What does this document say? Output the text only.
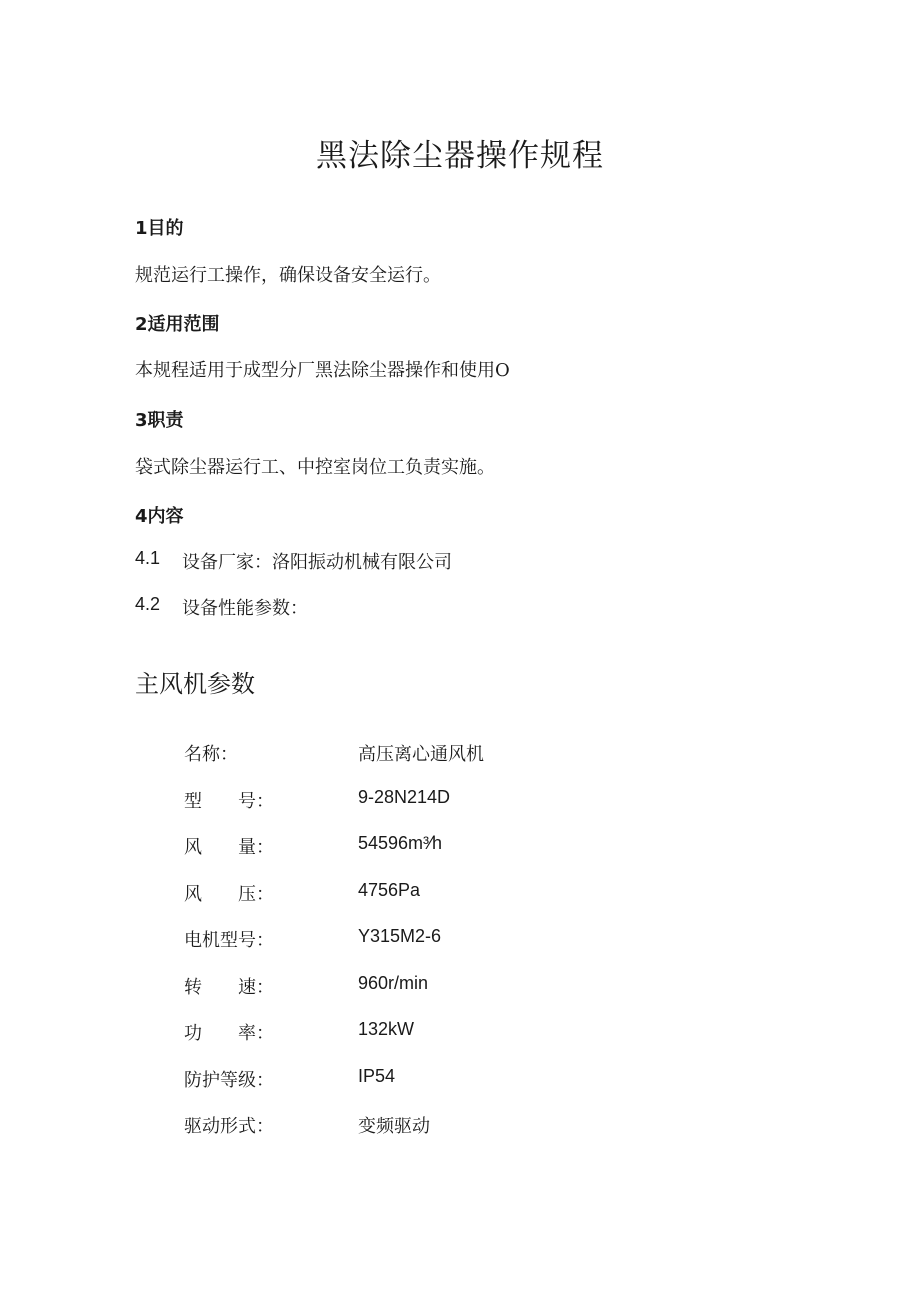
黑法除尘器操作规程
1目的
规范运行工操作，确保设备安全运行。
2适用范围
本规程适用于成型分厂黑法除尘器操作和使用O
3职责
袋式除尘器运行工、中控室岗位工负责实施。
4内容
4.1 设备厂家：洛阳振动机械有限公司
4.2 设备性能参数：
主风机参数
名称：	高压离心通风机
型　　号：	9-28N214D
风　　量：	54596m³⁄h
风　　压：	4756Pa
电机型号：	Y315M2-6
转　　速：	960r/min
功　　率：	132kW
防护等级：	IP54
驱动形式：	变频驱动
